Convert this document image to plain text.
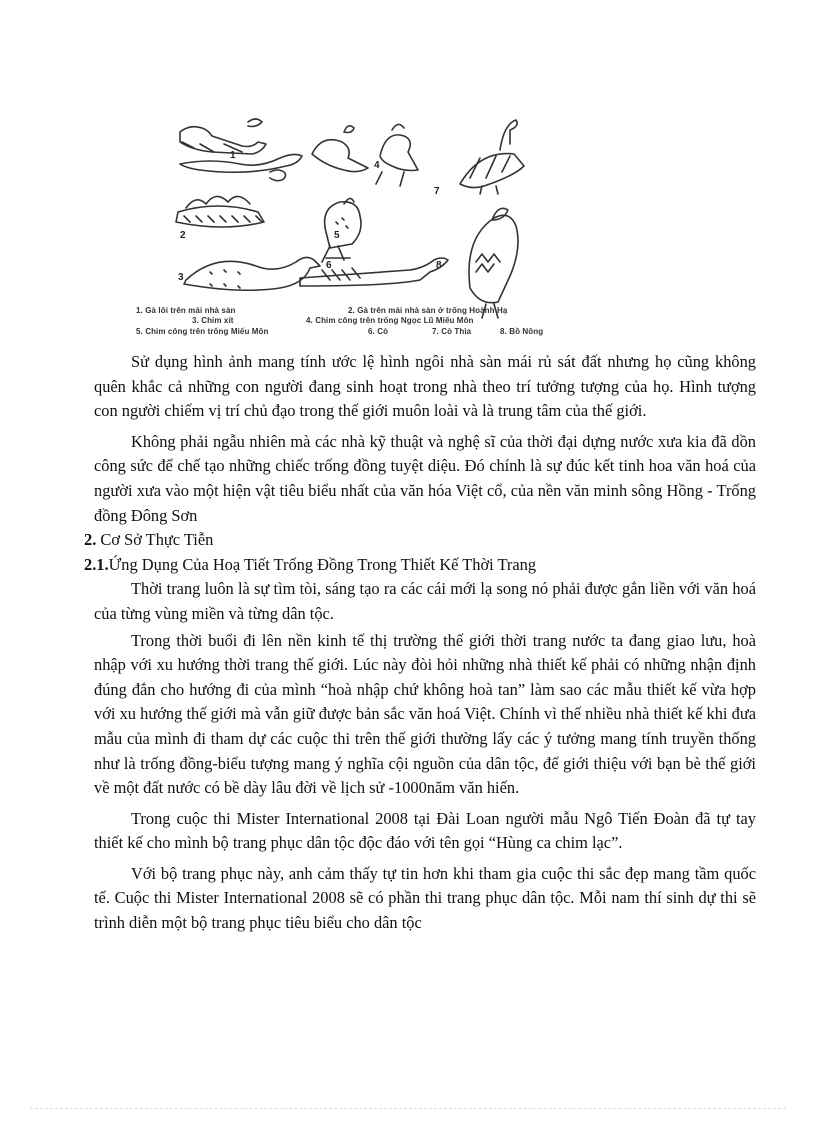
1
2
3
4
5
6
7
8
1. Gà lôi trên mái nhà sàn	2. Gà trên mái nhà sàn ở trống Hoành Hạ
3. Chim xít	4. Chim công trên trống Ngọc Lũ Miếu Môn
5. Chim công trên trống Miếu Môn	6. Cò	7. Cò Thìa	8. Bồ Nông

Sử dụng hình ảnh mang tính ước lệ hình ngôi nhà sàn mái rủ sát đất nhưng họ cũng không quên khắc cả những con người đang sinh hoạt trong nhà theo trí tưởng tượng của họ. Hình tượng con người chiếm vị trí chủ đạo trong thế giới muôn loài và là trung tâm của thế giới.

Không phải ngẫu nhiên mà các nhà kỹ thuật và nghệ sĩ của thời đại dựng nước xưa kia đã dồn công sức để chế tạo những chiếc trống đồng tuyệt diệu. Đó chính là sự đúc kết tinh hoa văn hoá của người xưa vào một hiện vật tiêu biểu nhất của văn hóa Việt cổ, của nền văn minh sông Hồng - Trống đồng Đông Sơn

2. Cơ Sở Thực Tiễn

2.1.Ứng Dụng Của Hoạ Tiết Trống Đồng Trong Thiết Kế Thời Trang

Thời trang luôn là sự tìm tòi, sáng tạo ra các cái mới lạ song nó phải được gắn liền với văn hoá của từng vùng miền và từng dân tộc.

Trong thời buổi đi lên nền kinh tế thị trường thế giới thời trang nước ta đang giao lưu, hoà nhập với xu hướng thời trang thế giới. Lúc này đòi hỏi những nhà thiết kế phải có những nhận định đúng đắn cho hướng đi của mình “hoà nhập chứ không hoà tan” làm sao các mẫu thiết kế vừa hợp với xu hướng thế giới mà vẫn giữ được bản sắc văn hoá Việt. Chính vì thế nhiều nhà thiết kế khi đưa mẫu của mình đi tham dự các cuộc thi trên thế giới thường lấy các ý tưởng mang tính truyền thống như là trống đồng-biểu tượng mang ý nghĩa cội nguồn của dân tộc, để giới thiệu với bạn bè thế giới về một đất nước có bề dày lâu đời về lịch sử -1000năm văn hiến.

Trong cuộc thi Mister International 2008 tại Đài Loan người mẫu Ngô Tiến Đoàn đã tự tay thiết kế cho mình bộ trang phục dân tộc độc đáo với tên gọi “Hùng ca chim lạc”.

Với bộ trang phục này, anh cảm thấy tự tin hơn khi tham gia cuộc thi sắc đẹp mang tầm quốc tế. Cuộc thi Mister International 2008 sẽ có phần thi trang phục dân tộc. Mỗi nam thí sinh dự thi sẽ trình diễn một bộ trang phục tiêu biểu cho dân tộc
